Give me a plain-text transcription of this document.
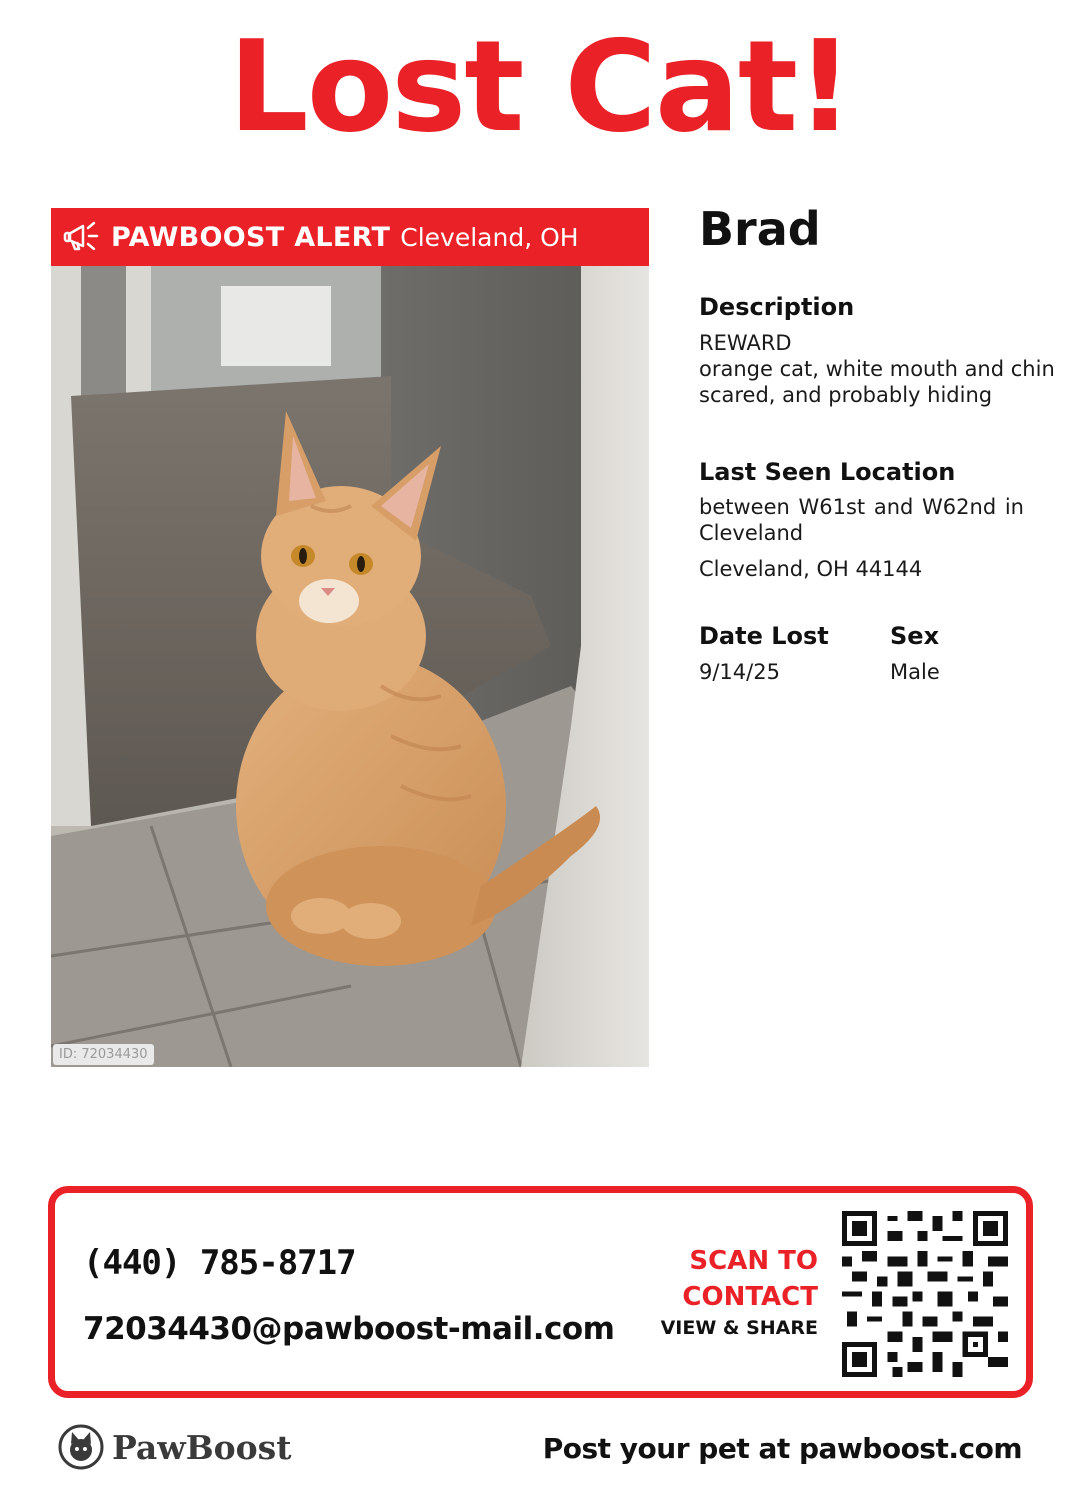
Lost Cat!
PAWBOOST ALERT Cleveland, OH
ID: 72034430
Brad
Description
REWARD
orange cat, white mouth and chin
scared, and probably hiding
Last Seen Location
between W61st and W62nd in
Cleveland
Cleveland, OH 44144
Date Lost
9/14/25
Sex
Male
(440) 785-8717
72034430@pawboost-mail.com
SCAN TO
CONTACT
VIEW & SHARE
PawBoost	Post your pet at pawboost.com
